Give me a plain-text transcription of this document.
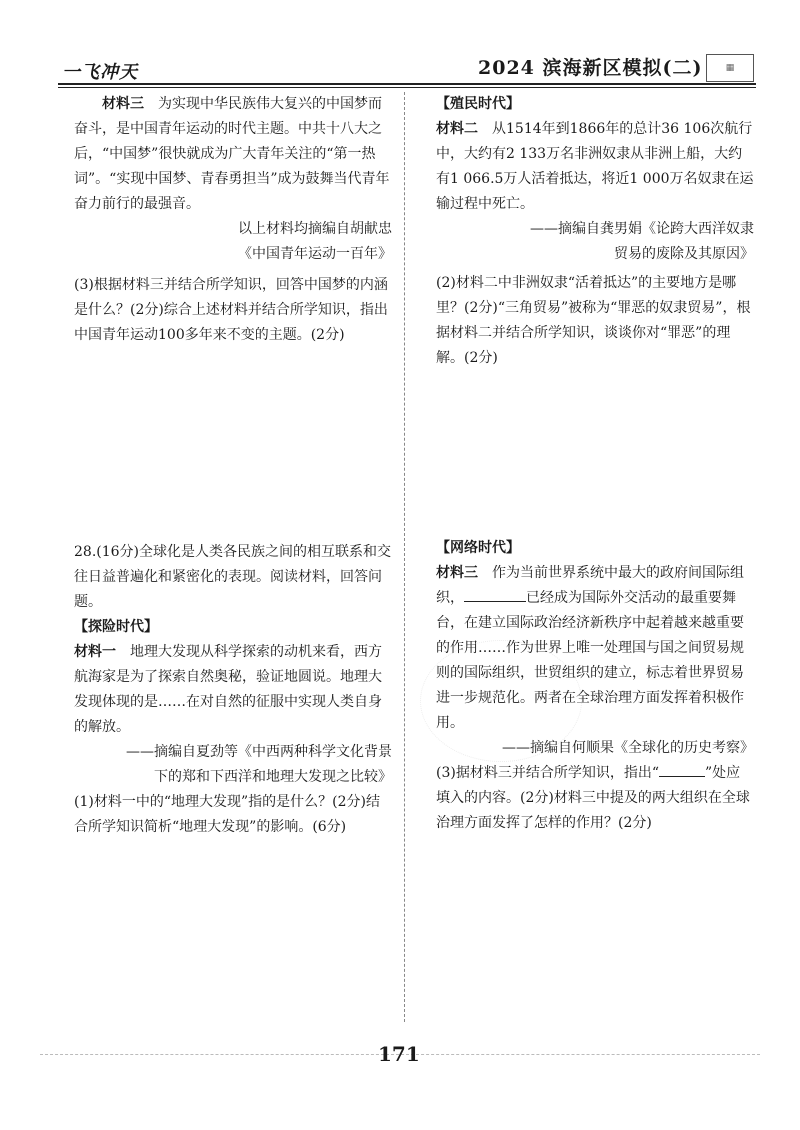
一飞冲天	2024 滨海新区模拟(二)	▦

材料三　 为实现中华民族伟大复兴的中国梦而奋斗，是中国青年运动的时代主题。中共十八大之后，“中国梦”很快就成为广大青年关注的“第一热词”。“实现中国梦、青春勇担当”成为鼓舞当代青年奋力前行的最强音。

以上材料均摘编自胡献忠

《中国青年运动一百年》

(3)根据材料三并结合所学知识，回答中国梦的内涵是什么？(2分)综合上述材料并结合所学知识，指出中国青年运动100多年来不变的主题。(2分)

【殖民时代】

材料二　 从1514年到1866年的总计36 106次航行中，大约有2 133万名非洲奴隶从非洲上船，大约有1 066.5万人活着抵达，将近1 000万名奴隶在运输过程中死亡。

——摘编自龚男娟《论跨大西洋奴隶

贸易的废除及其原因》

(2)材料二中非洲奴隶“活着抵达”的主要地方是哪里？(2分)“三角贸易”被称为“罪恶的奴隶贸易”，根据材料二并结合所学知识，谈谈你对“罪恶”的理解。(2分)

28.(16分)全球化是人类各民族之间的相互联系和交往日益普遍化和紧密化的表现。阅读材料，回答问题。

【探险时代】

材料一　 地理大发现从科学探索的动机来看，西方航海家是为了探索自然奥秘，验证地圆说。地理大发现体现的是……在对自然的征服中实现人类自身的解放。

——摘编自夏劲等《中西两种科学文化背景

下的郑和下西洋和地理大发现之比较》

(1)材料一中的“地理大发现”指的是什么？(2分)结合所学知识简析“地理大发现”的影响。(6分)

【网络时代】

材料三　 作为当前世界系统中最大的政府间国际组织，	已经成为国际外交活动的最重要舞台，在建立国际政治经济新秩序中起着越来越重要的作用……作为世界上唯一处理国与国之间贸易规则的国际组织，世贸组织的建立，标志着世界贸易进一步规范化。两者在全球治理方面发挥着积极作用。

——摘编自何顺果《全球化的历史考察》

(3)据材料三并结合所学知识，指出“	”处应填入的内容。(2分)材料三中提及的两大组织在全球治理方面发挥了怎样的作用？(2分)

171
